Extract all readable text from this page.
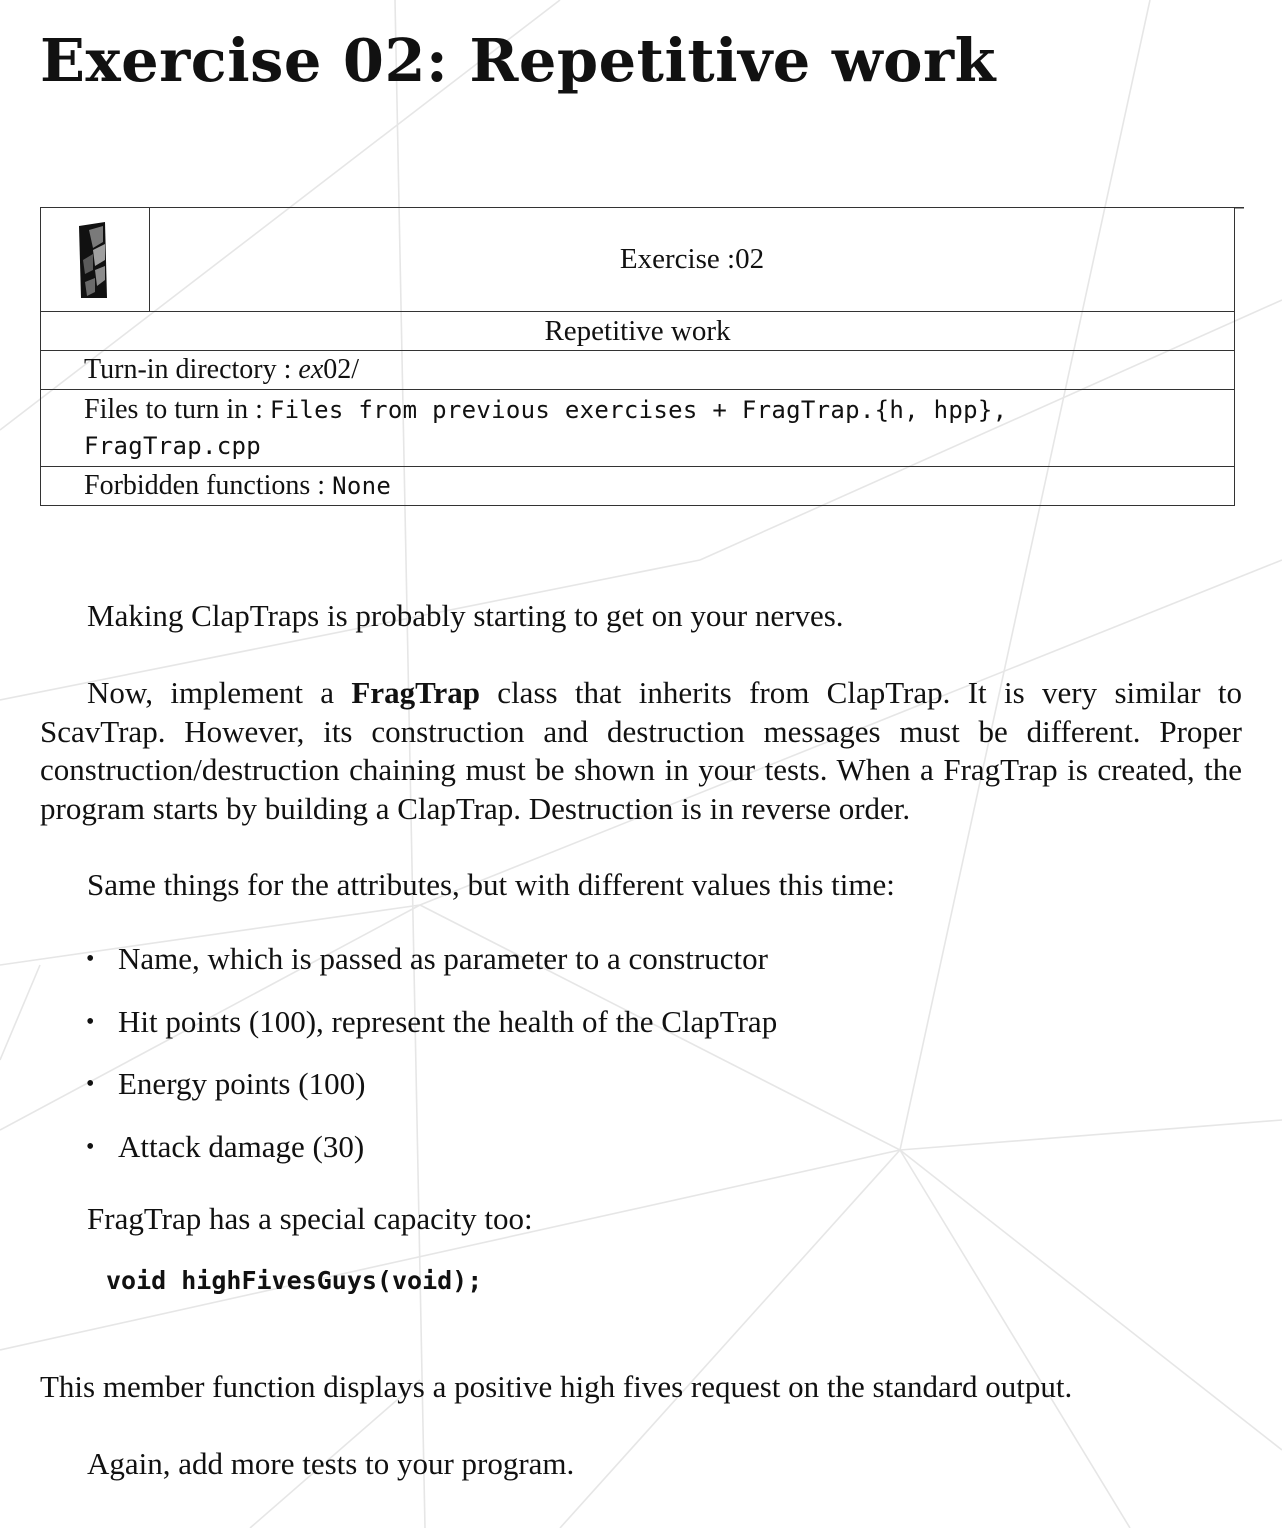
Exercise 02: Repetitive work
Exercise : 02
Repetitive work
Turn-in directory : ex02/
Files to turn in : Files from previous exercises + FragTrap.{h, hpp},
FragTrap.cpp
Forbidden functions : None

Making ClapTraps is probably starting to get on your nerves.

Now, implement a FragTrap class that inherits from ClapTrap. It is very similar to ScavTrap. However, its construction and destruction messages must be different. Proper construction/destruction chaining must be shown in your tests. When a FragTrap is created, the program starts by building a ClapTrap. Destruction is in reverse order.

Same things for the attributes, but with different values this time:

• Name, which is passed as parameter to a constructor
• Hit points (100), represent the health of the ClapTrap
• Energy points (100)
• Attack damage (30)

FragTrap has a special capacity too:

void highFivesGuys(void);

This member function displays a positive high fives request on the standard output.

Again, add more tests to your program.
